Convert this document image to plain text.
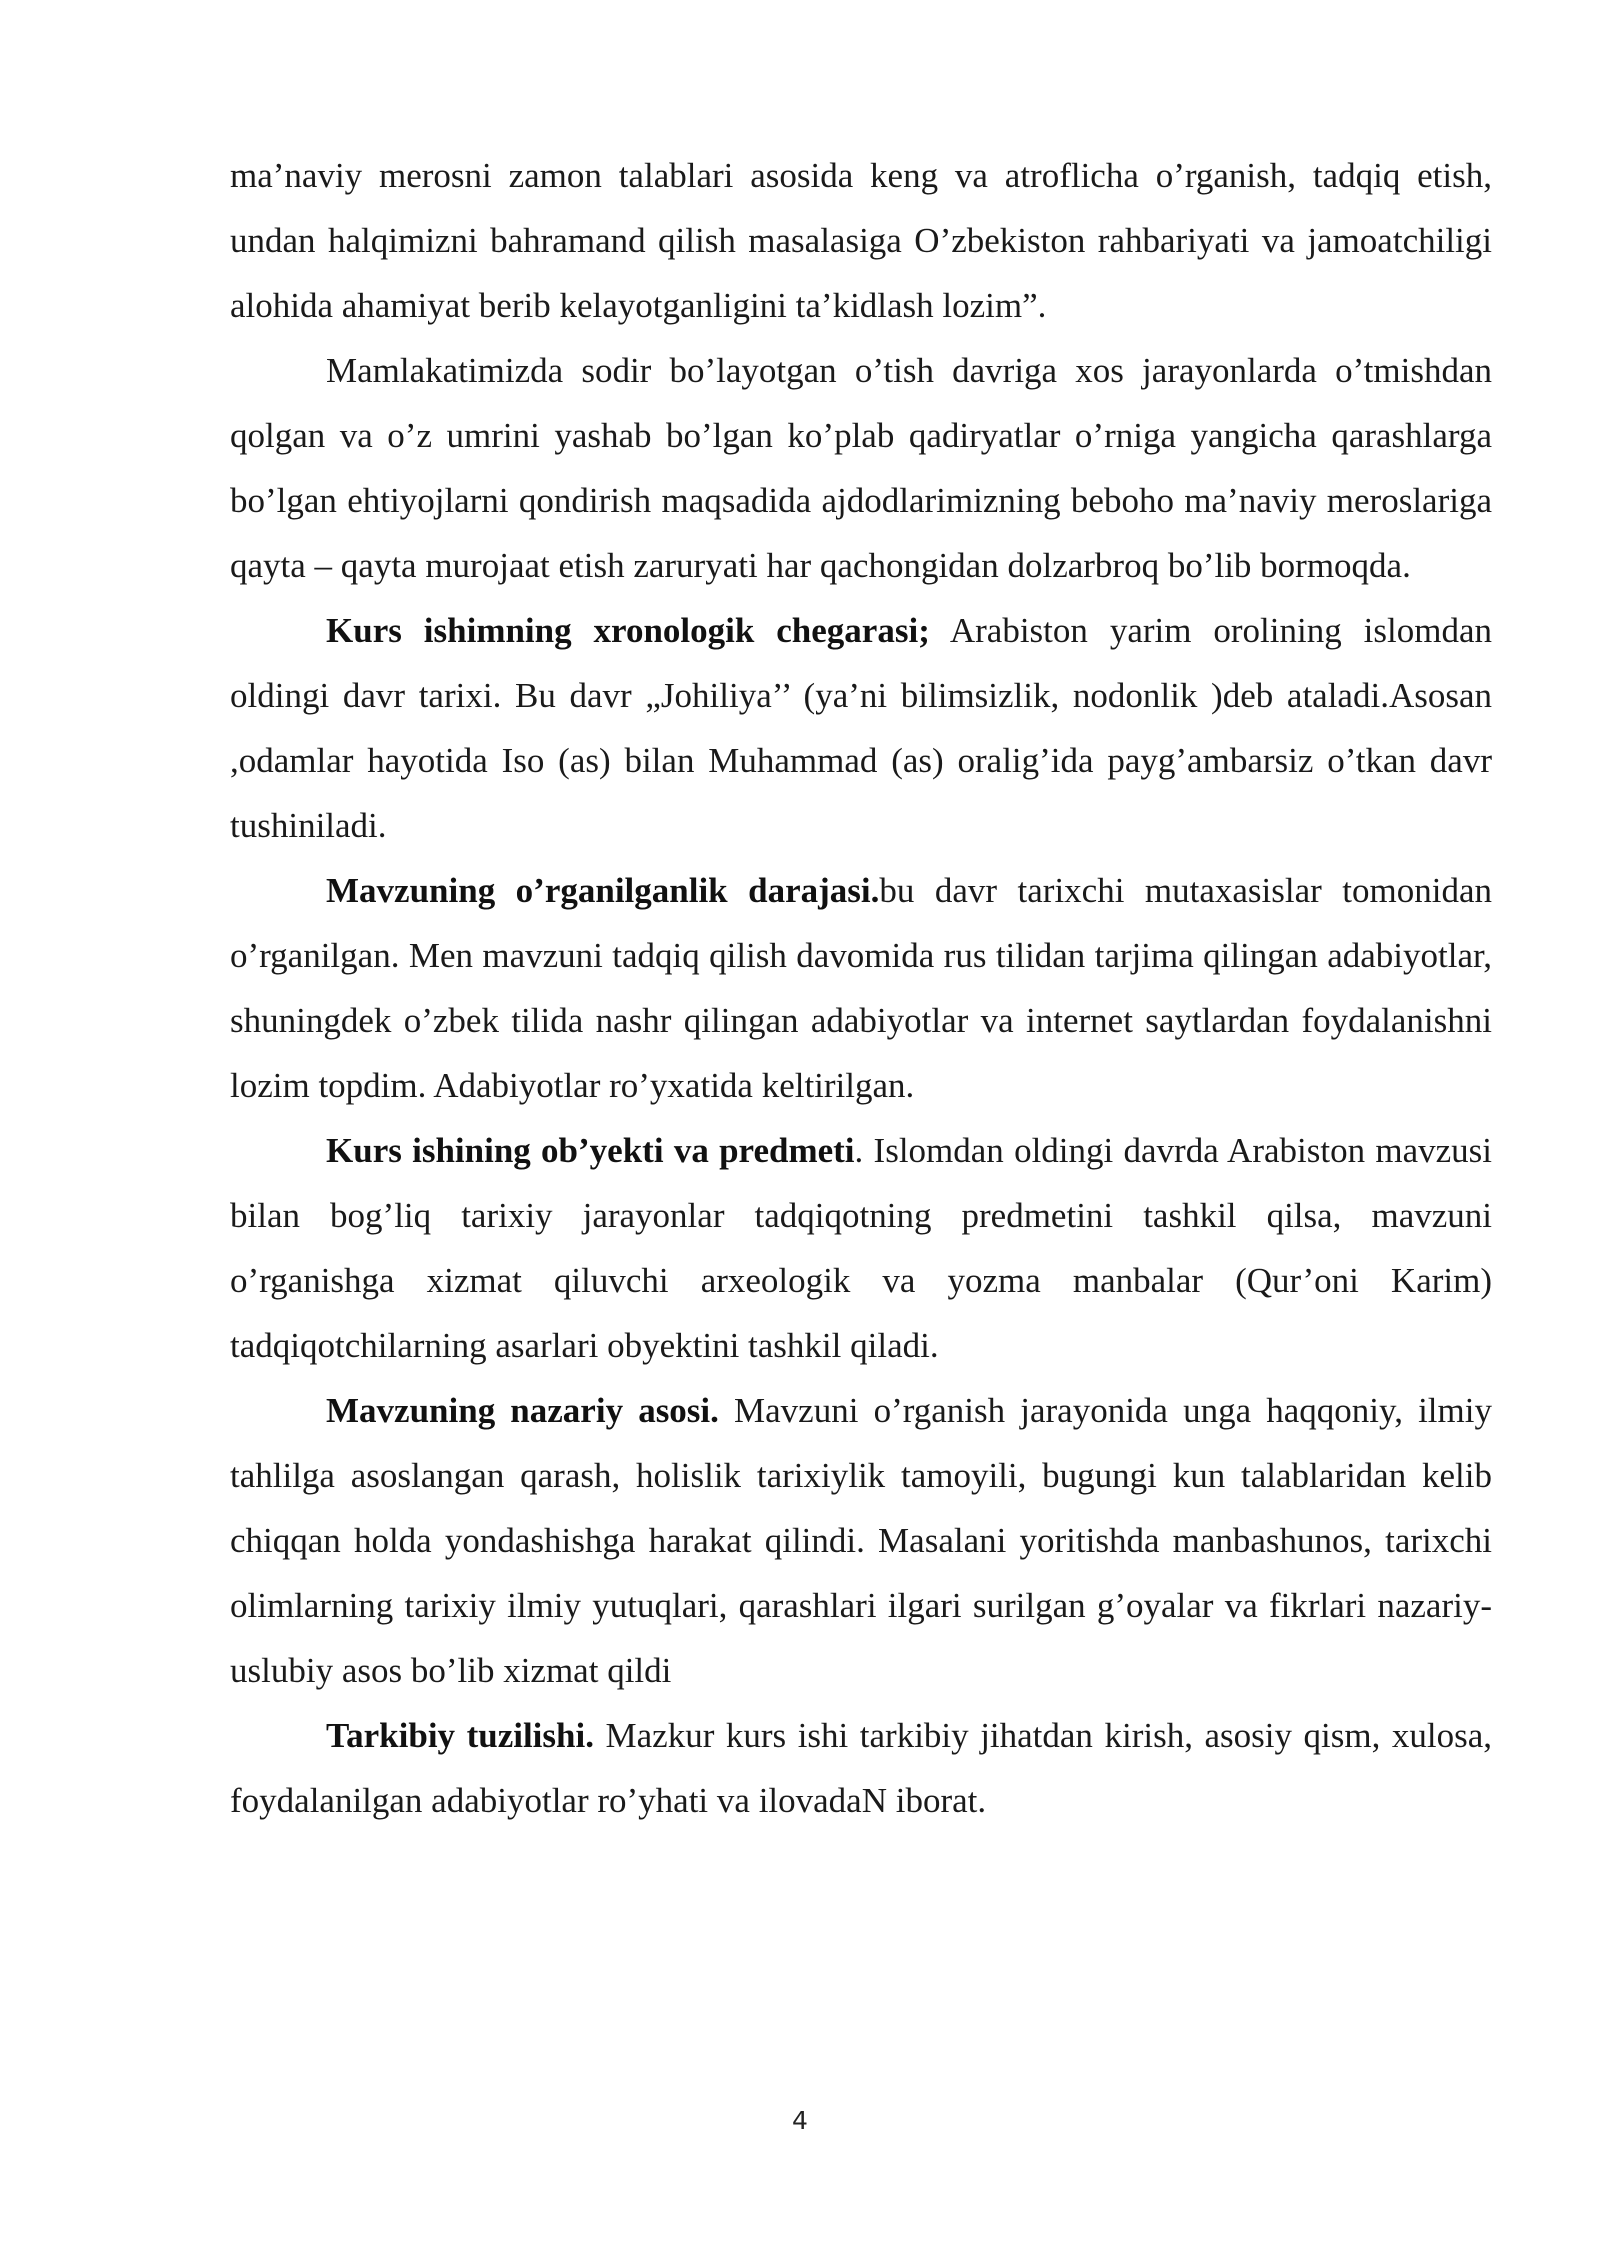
ma’naviy merosni zamon talablari asosida keng va atroflicha o’rganish, tadqiq etish, undan halqimizni bahramand qilish masalasiga O’zbekiston rahbariyati va jamoatchiligi alohida ahamiyat berib kelayotganligini ta’kidlash lozim”.

Mamlakatimizda sodir bo’layotgan o’tish davriga xos jarayonlarda o’tmishdan qolgan va o’z umrini yashab bo’lgan ko’plab qadiryatlar o’rniga yangicha qarashlarga bo’lgan ehtiyojlarni qondirish maqsadida ajdodlarimizning beboho ma’naviy meroslariga qayta – qayta murojaat etish zaruryati har qachongidan dolzarbroq bo’lib bormoqda.

Kurs ishimning xronologik chegarasi; Arabiston yarim orolining islomdan oldingi davr tarixi. Bu davr „Johiliya’’ (ya’ni bilimsizlik, nodonlik )deb ataladi.Asosan ,odamlar hayotida Iso (as) bilan Muhammad (as) oralig’ida payg’ambarsiz o’tkan davr tushiniladi.

Mavzuning o’rganilganlik darajasi.bu davr tarixchi mutaxasislar tomonidan o’rganilgan. Men mavzuni tadqiq qilish davomida rus tilidan tarjima qilingan adabiyotlar, shuningdek o’zbek tilida nashr qilingan adabiyotlar va internet saytlardan foydalanishni lozim topdim. Adabiyotlar ro’yxatida keltirilgan.

Kurs ishining ob’yekti va predmeti. Islomdan oldingi davrda Arabiston mavzusi bilan bog’liq tarixiy jarayonlar tadqiqotning predmetini tashkil qilsa, mavzuni o’rganishga xizmat qiluvchi arxeologik va yozma manbalar (Qur’oni Karim) tadqiqotchilarning asarlari obyektini tashkil qiladi.

Mavzuning nazariy asosi. Mavzuni o’rganish jarayonida unga haqqoniy, ilmiy tahlilga asoslangan qarash, holislik tarixiylik tamoyili, bugungi kun talablaridan kelib chiqqan holda yondashishga harakat qilindi. Masalani yoritishda manbashunos, tarixchi olimlarning tarixiy ilmiy yutuqlari, qarashlari ilgari surilgan g’oyalar va fikrlari nazariy-uslubiy asos bo’lib xizmat qildi

Tarkibiy tuzilishi. Mazkur kurs ishi tarkibiy jihatdan kirish, asosiy qism, xulosa, foydalanilgan adabiyotlar ro’yhati va ilovadaN iborat.

4
